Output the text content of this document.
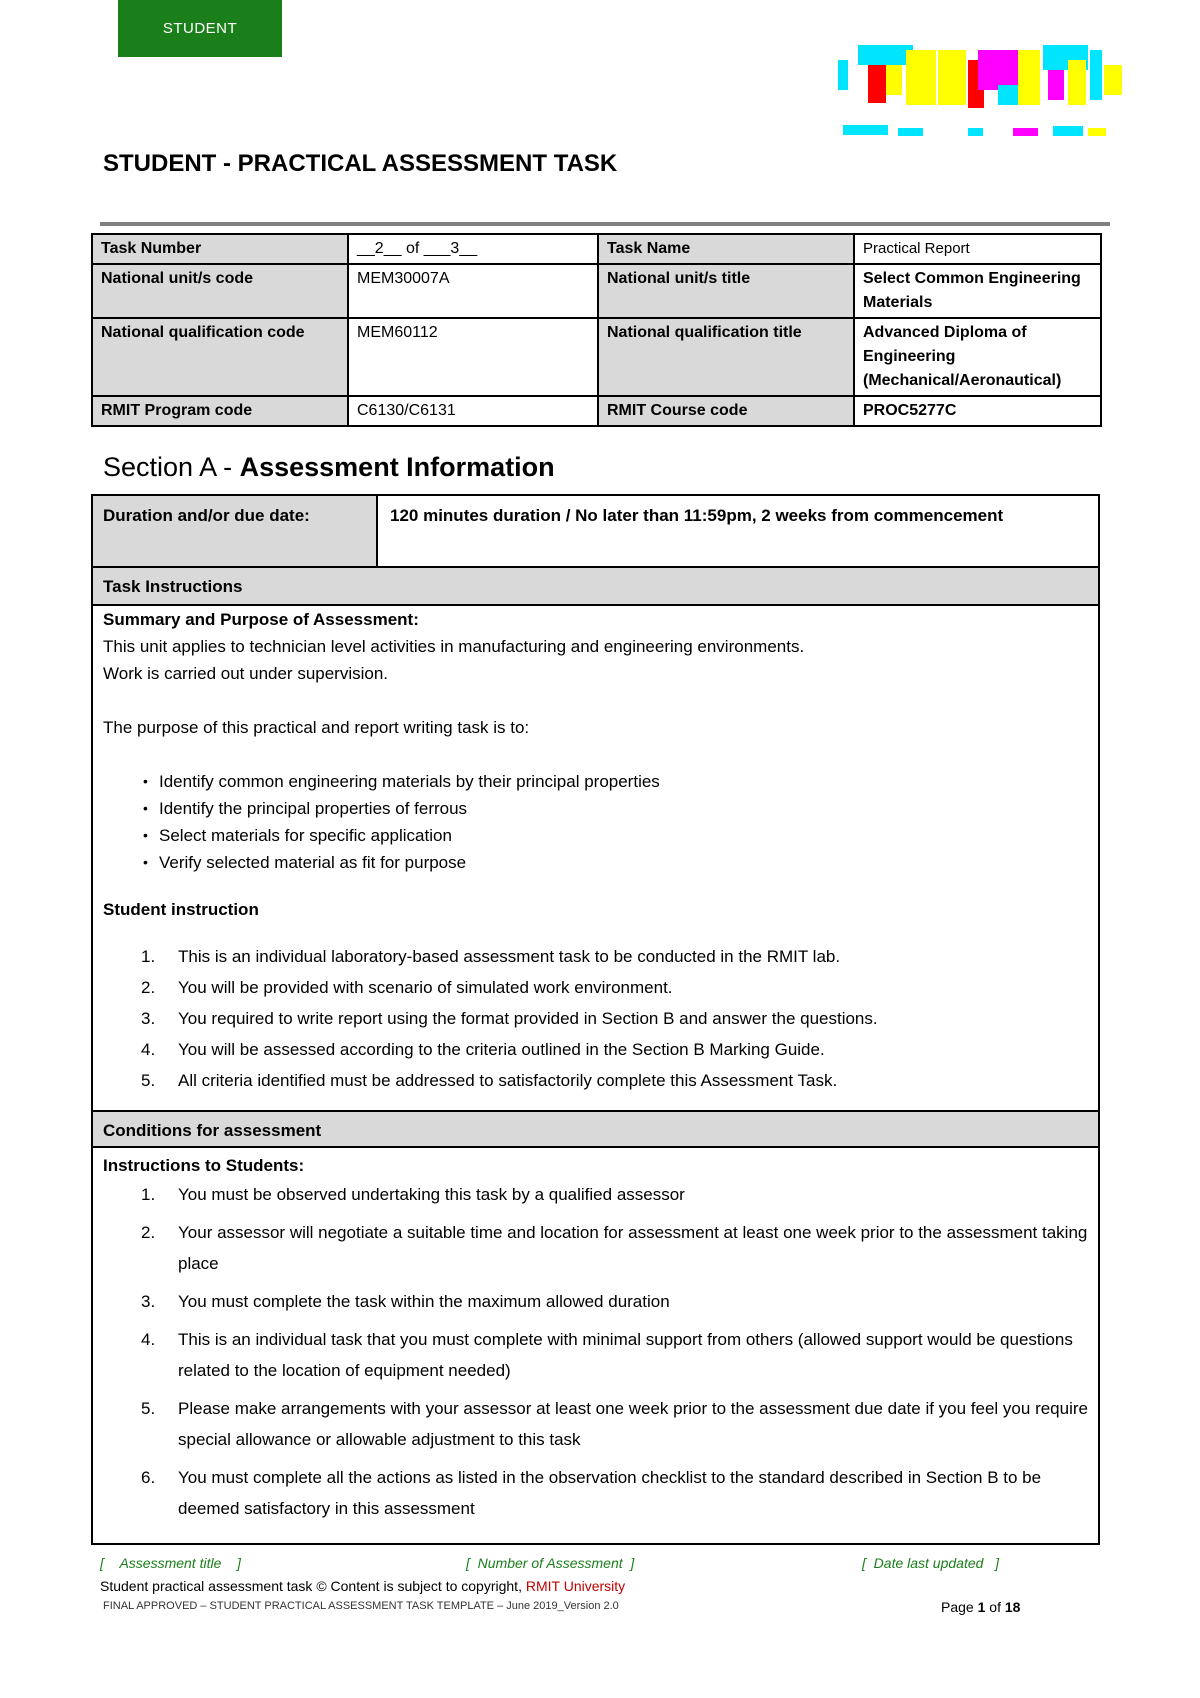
STUDENT
STUDENT - PRACTICAL ASSESSMENT TASK
Task Number	__2__ of ___3__	Task Name	Practical Report
National unit/s code	MEM30007A	National unit/s title	Select Common Engineering Materials
National qualification code	MEM60112	National qualification title	Advanced Diploma of Engineering (Mechanical/Aeronautical)
RMIT Program code	C6130/C6131	RMIT Course code	PROC5277C
Section A - Assessment Information
Duration and/or due date:	120 minutes duration / No later than 11:59pm, 2 weeks from commencement
Task Instructions

Summary and Purpose of Assessment:

This unit applies to technician level activities in manufacturing and engineering environments.

Work is carried out under supervision.

The purpose of this practical and report writing task is to:

• Identify common engineering materials by their principal properties
• Identify the principal properties of ferrous
• Select materials for specific application
• Verify selected material as fit for purpose

Student instruction

1. This is an individual laboratory-based assessment task to be conducted in the RMIT lab.
2. You will be provided with scenario of simulated work environment.
3. You required to write report using the format provided in Section B and answer the questions.
4. You will be assessed according to the criteria outlined in the Section B Marking Guide.
5. All criteria identified must be addressed to satisfactorily complete this Assessment Task.
Conditions for assessment

Instructions to Students:

1. You must be observed undertaking this task by a qualified assessor
2. Your assessor will negotiate a suitable time and location for assessment at least one week prior to the assessment taking place
3. You must complete the task within the maximum allowed duration
4. This is an individual task that you must complete with minimal support from others (allowed support would be questions related to the location of equipment needed)
5. Please make arrangements with your assessor at least one week prior to the assessment due date if you feel you require special allowance or allowable adjustment to this task
6. You must complete all the actions as listed in the observation checklist to the standard described in Section B to be deemed satisfactory in this assessment
[    Assessment title    ]	[  Number of Assessment  ]	[  Date last updated   ]
Student practical assessment task © Content is subject to copyright, RMIT University
FINAL APPROVED – STUDENT PRACTICAL ASSESSMENT TASK TEMPLATE – June 2019_Version 2.0	Page 1 of 18
